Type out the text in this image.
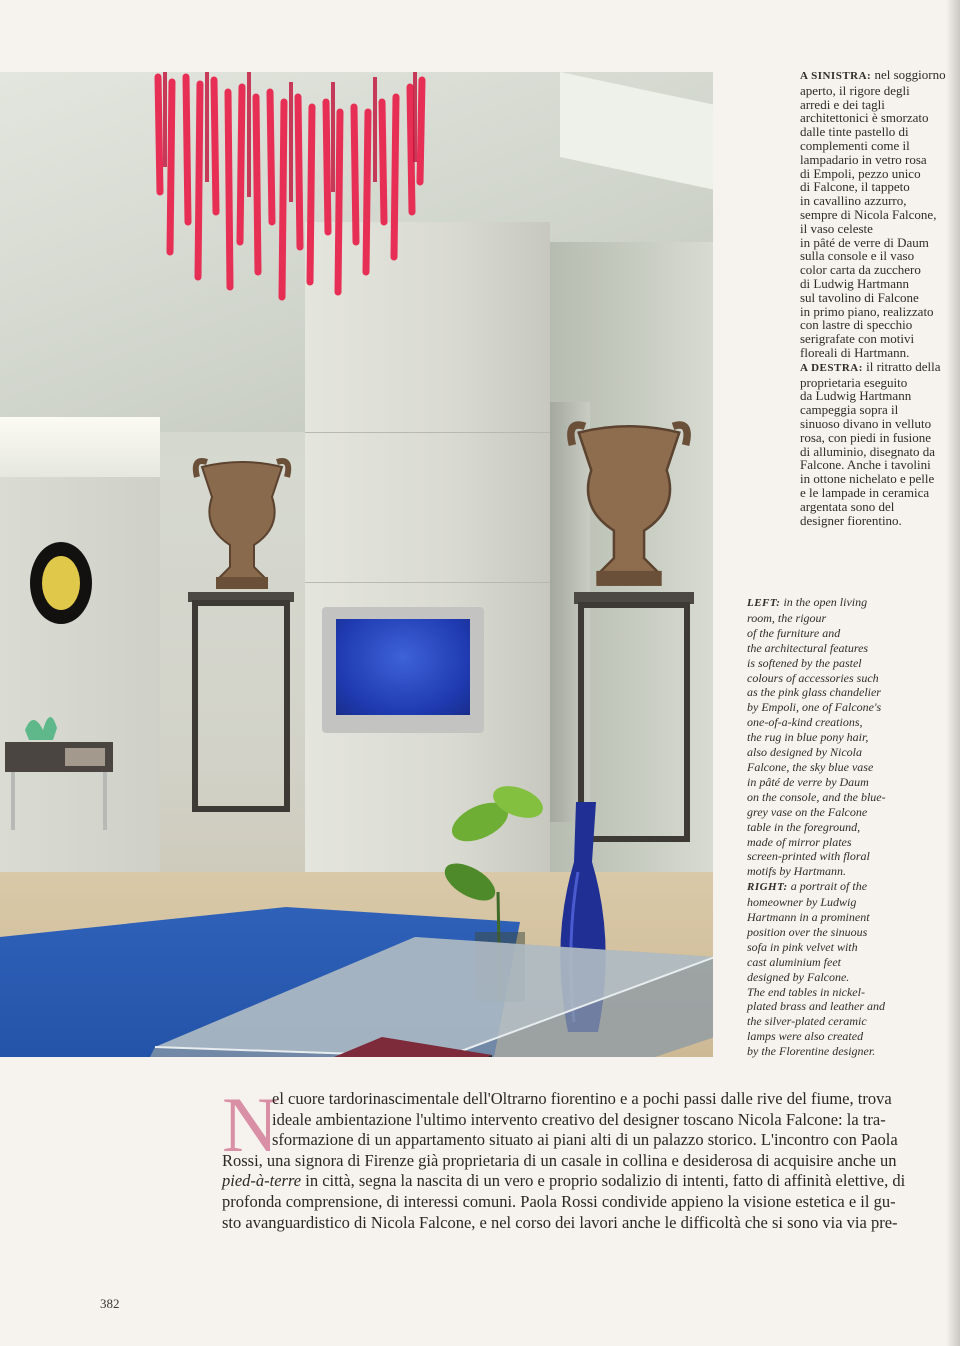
A SINISTRA: nel soggiorno
aperto, il rigore degli
arredi e dei tagli
architettonici è smorzato
dalle tinte pastello di
complementi come il
lampadario in vetro rosa
di Empoli, pezzo unico
di Falcone, il tappeto
in cavallino azzurro,
sempre di Nicola Falcone,
il vaso celeste
in pâté de verre di Daum
sulla console e il vaso
color carta da zucchero
di Ludwig Hartmann
sul tavolino di Falcone
in primo piano, realizzato
con lastre di specchio
serigrafate con motivi
floreali di Hartmann.
A DESTRA: il ritratto della
proprietaria eseguito
da Ludwig Hartmann
campeggia sopra il
sinuoso divano in velluto
rosa, con piedi in fusione
di alluminio, disegnato da
Falcone. Anche i tavolini
in ottone nichelato e pelle
e le lampade in ceramica
argentata sono del
designer fiorentino.
LEFT: in the open living
room, the rigour
of the furniture and
the architectural features
is softened by the pastel
colours of accessories such
as the pink glass chandelier
by Empoli, one of Falcone's
one-of-a-kind creations,
the rug in blue pony hair,
also designed by Nicola
Falcone, the sky blue vase
in pâté de verre by Daum
on the console, and the blue-
grey vase on the Falcone
table in the foreground,
made of mirror plates
screen-printed with floral
motifs by Hartmann.
RIGHT: a portrait of the
homeowner by Ludwig
Hartmann in a prominent
position over the sinuous
sofa in pink velvet with
cast aluminium feet
designed by Falcone.
The end tables in nickel-
plated brass and leather and
the silver-plated ceramic
lamps were also created
by the Florentine designer.
N
el cuore tardorinascimentale dell'Oltrarno fiorentino e a pochi passi dalle rive del fiume, trova
ideale ambientazione l'ultimo intervento creativo del designer toscano Nicola Falcone: la tra-
sformazione di un appartamento situato ai piani alti di un palazzo storico. L'incontro con Paola
Rossi, una signora di Firenze già proprietaria di un casale in collina e desiderosa di acquisire anche un
pied-à-terre in città, segna la nascita di un vero e proprio sodalizio di intenti, fatto di affinità elettive, di
profonda comprensione, di interessi comuni. Paola Rossi condivide appieno la visione estetica e il gu-
sto avanguardistico di Nicola Falcone, e nel corso dei lavori anche le difficoltà che si sono via via pre-
382
